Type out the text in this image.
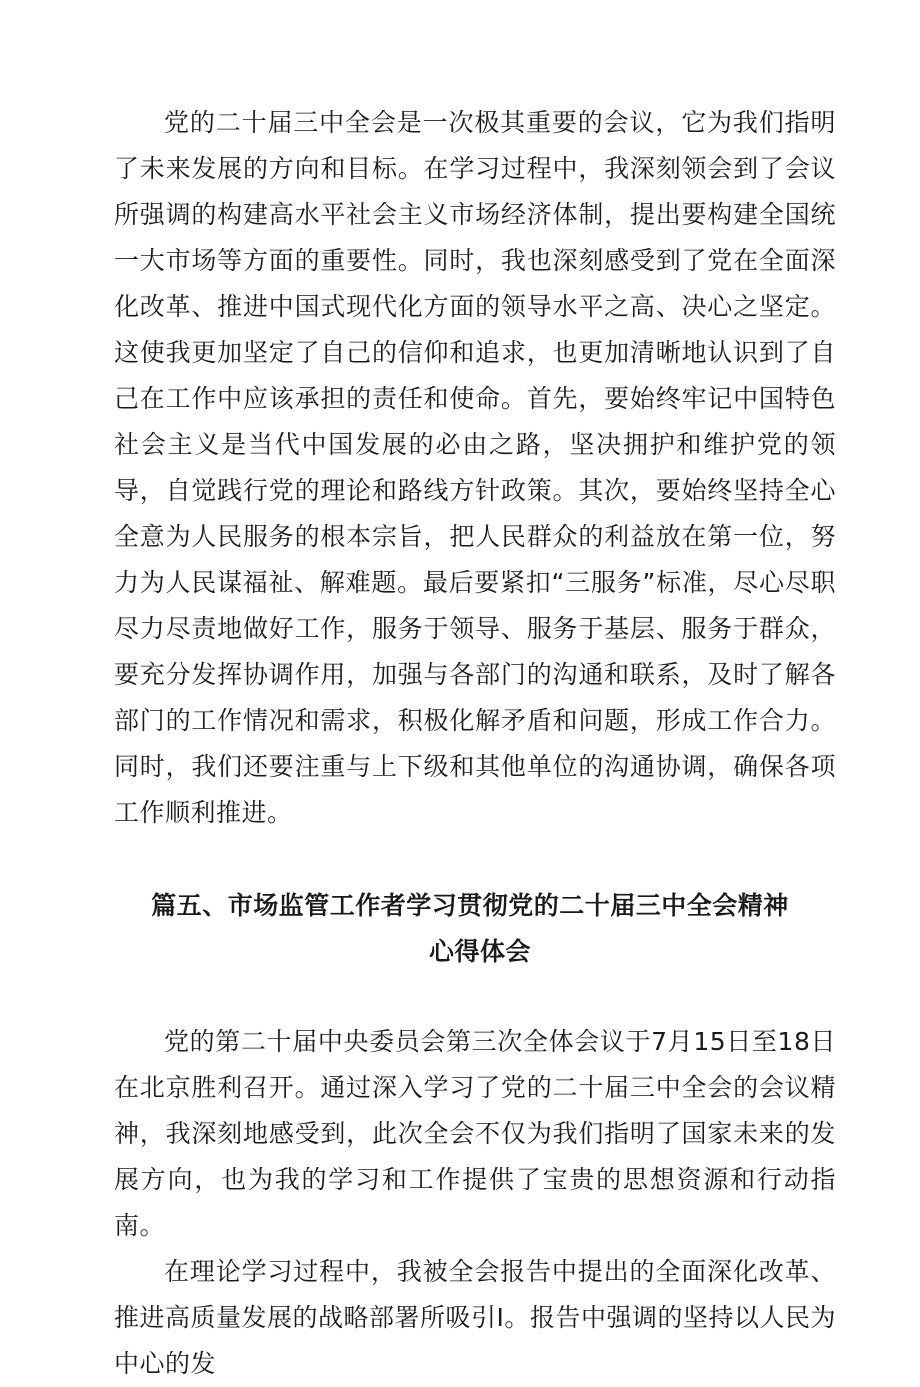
党的二十届三中全会是一次极其重要的会议，它为我们指明了未来发展的方向和目标。在学习过程中，我深刻领会到了会议所强调的构建高水平社会主义市场经济体制，提出要构建全国统一大市场等方面的重要性。同时，我也深刻感受到了党在全面深化改革、推进中国式现代化方面的领导水平之高、决心之坚定。这使我更加坚定了自己的信仰和追求，也更加清晰地认识到了自己在工作中应该承担的责任和使命。首先，要始终牢记中国特色社会主义是当代中国发展的必由之路，坚决拥护和维护党的领导，自觉践行党的理论和路线方针政策。其次，要始终坚持全心全意为人民服务的根本宗旨，把人民群众的利益放在第一位，努力为人民谋福祉、解难题。最后要紧扣“三服务”标准，尽心尽职尽力尽责地做好工作，服务于领导、服务于基层、服务于群众，要充分发挥协调作用，加强与各部门的沟通和联系，及时了解各部门的工作情况和需求，积极化解矛盾和问题，形成工作合力。同时，我们还要注重与上下级和其他单位的沟通协调，确保各项工作顺利推进。

篇五、市场监管工作者学习贯彻党的二十届三中全会精神
心得体会

党的第二十届中央委员会第三次全体会议于7月15日至18日在北京胜利召开。通过深入学习了党的二十届三中全会的会议精神，我深刻地感受到，此次全会不仅为我们指明了国家未来的发展方向，也为我的学习和工作提供了宝贵的思想资源和行动指南。

在理论学习过程中，我被全会报告中提出的全面深化改革、推进高质量发展的战略部署所吸引I。报告中强调的坚持以人民为中心的发
